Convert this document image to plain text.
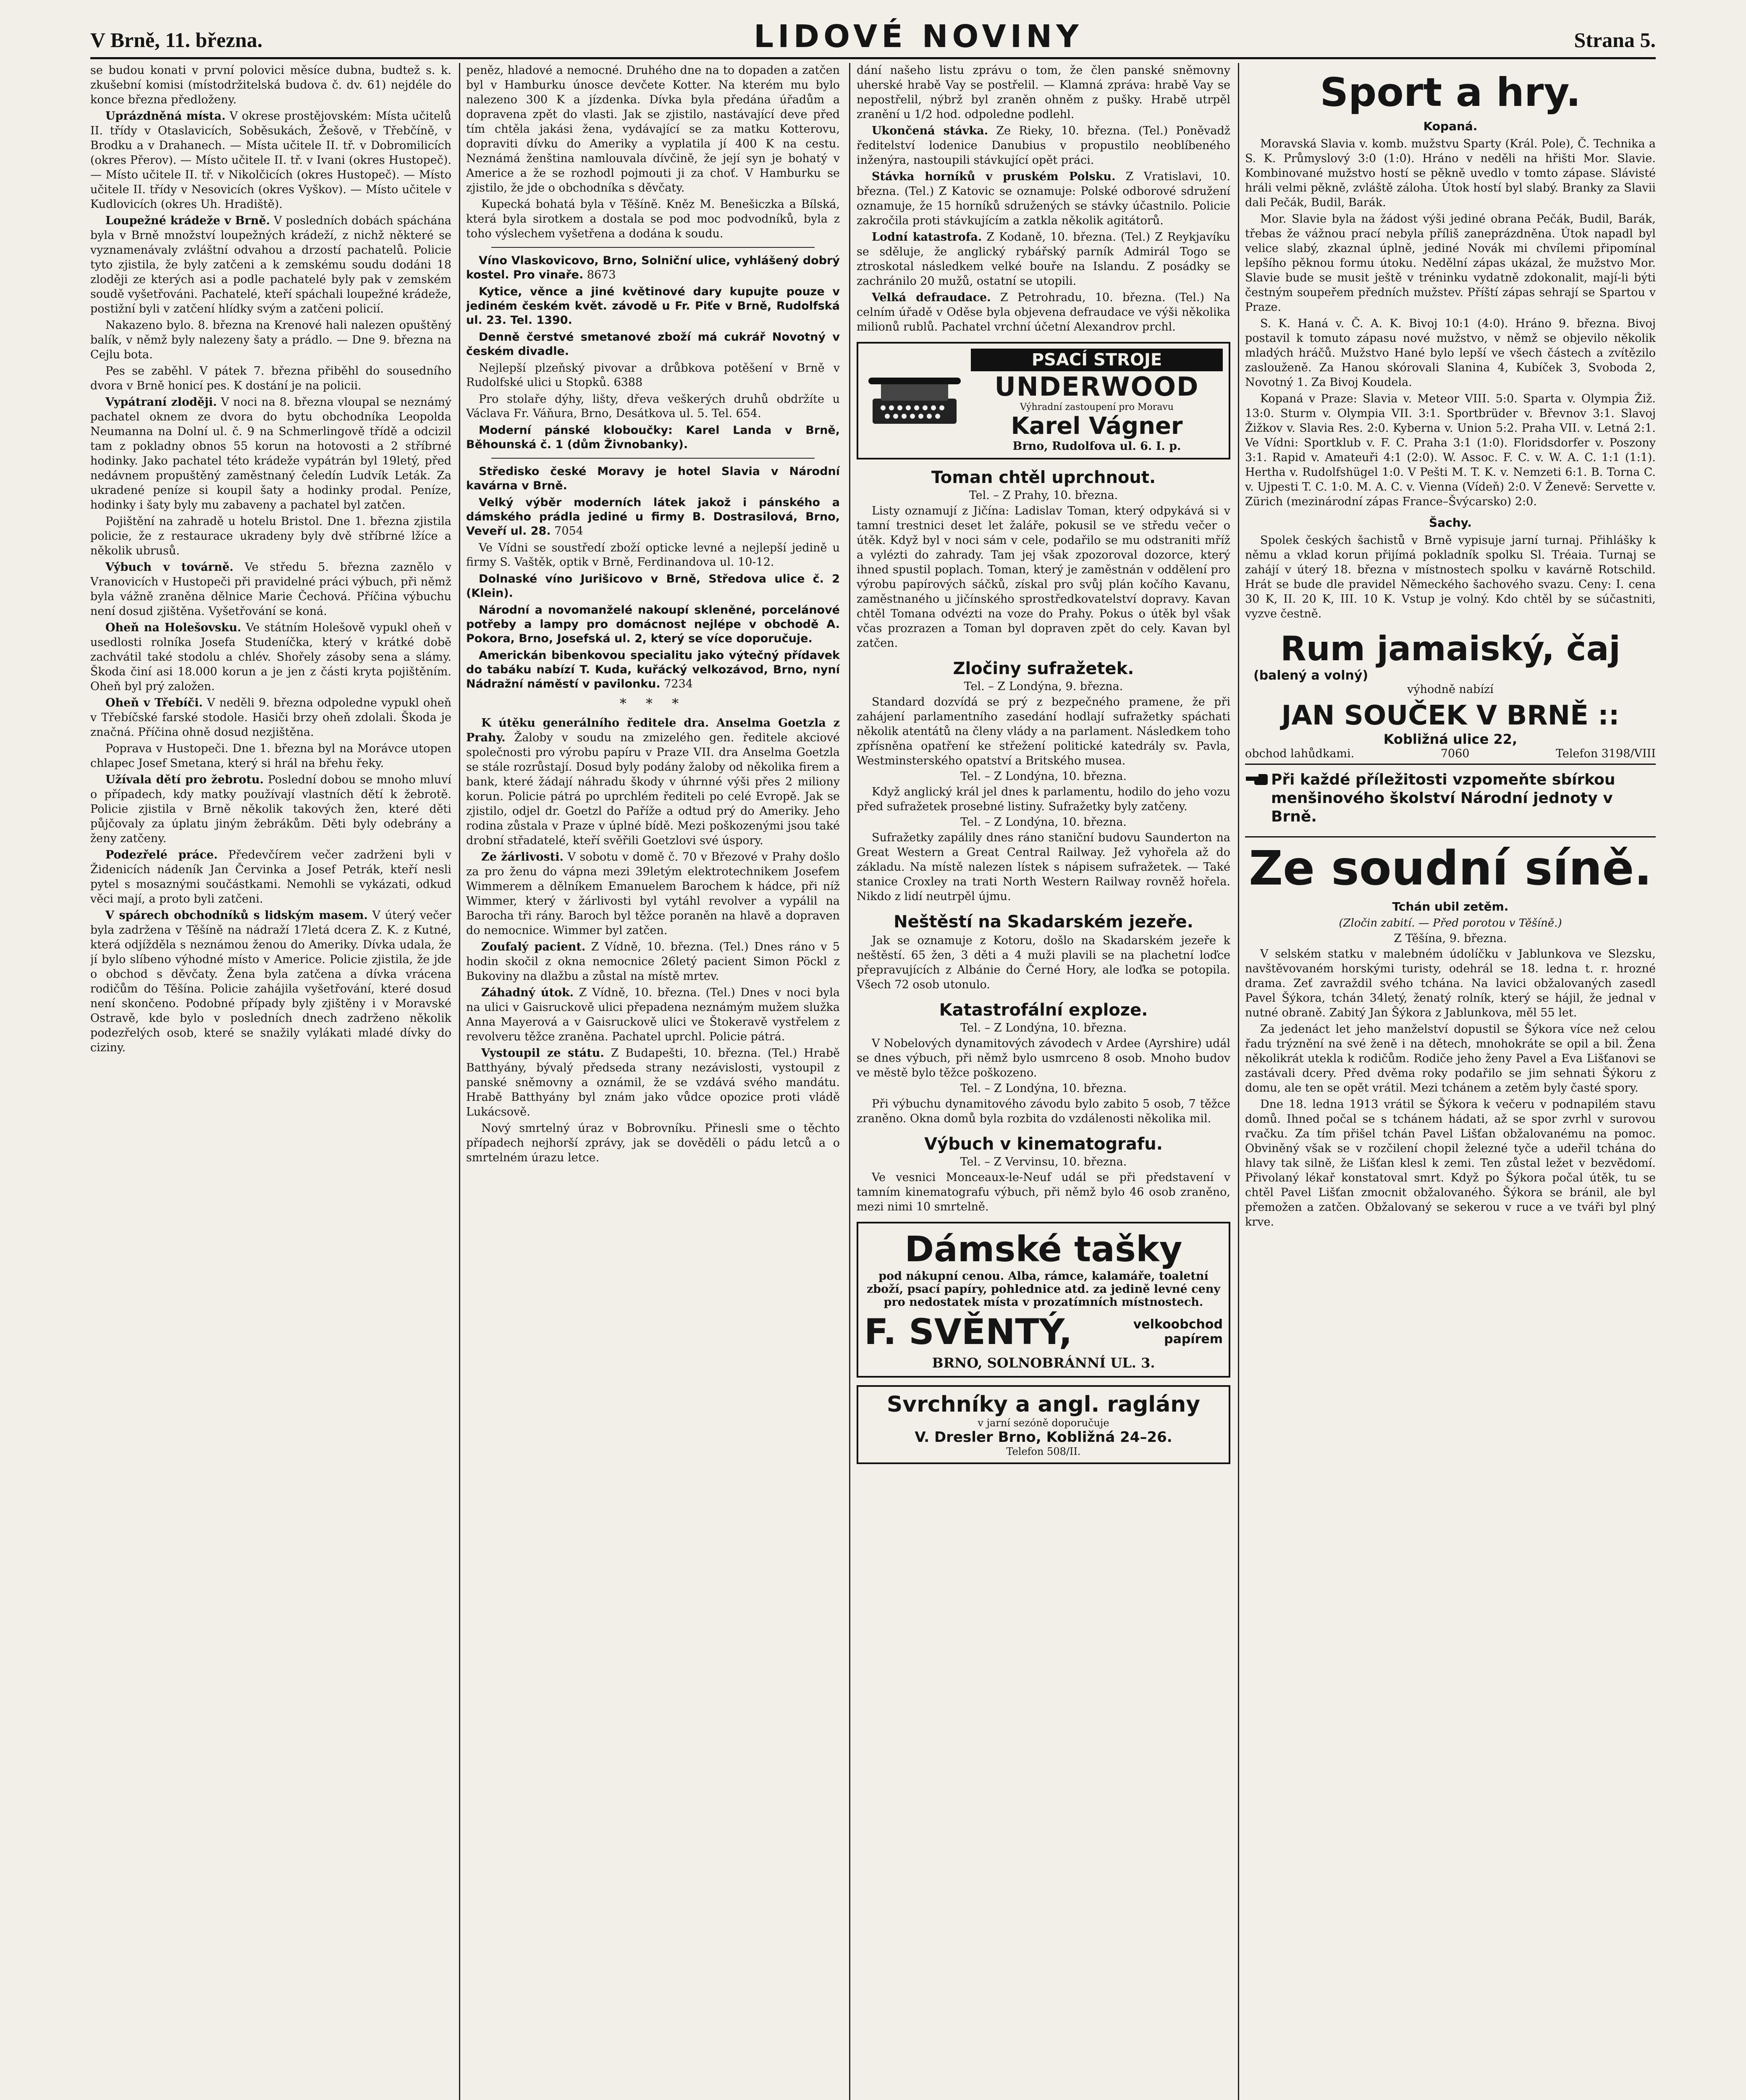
V Brně, 11. března.	LIDOVÉ NOVINY	Strana 5.

se budou konati v první polovici měsíce dubna, budtež s. k. zkušební komisi (místodržitelská budova č. dv. 61) nejdéle do konce března předloženy.

Uprázdněná místa. V okrese prostějovském: Místa učitelů II. třídy v Otaslavicích, Soběsukách, Žešově, v Třebčíně, v Brodku a v Drahanech. — Místa učitele II. tř. v Dobromilicích (okres Přerov). — Místo učitele II. tř. v Ivani (okres Hustopeč). — Místo učitele II. tř. v Nikolčicích (okres Hustopeč). — Místo učitele II. třídy v Nesovicích (okres Vyškov). — Místo učitele v Kudlovicích (okres Uh. Hradiště).

Loupežné krádeže v Brně. V posledních dobách spáchána byla v Brně množství loupežných krádeží, z nichž některé se vyznamenávaly zvláštní odvahou a drzostí pachatelů. Policie tyto zjistila, že byly zatčeni a k zemskému soudu dodáni 18 zloději ze kterých asi a podle pachatelé byly pak v zemském soudě vyšetřováni. Pachatelé, kteří spáchali loupežné krádeže, postižní byli v zatčení hlídky svým a zatčeni policií.

Nakazeno bylo. 8. března na Krenové hali nalezen opuštěný balík, v němž byly nalezeny šaty a prádlo. — Dne 9. března na Cejlu bota.

Pes se zaběhl. V pátek 7. března přiběhl do sousedního dvora v Brně honicí pes. K dostání je na policii.

Vypátraní zloději. V noci na 8. března vloupal se neznámý pachatel oknem ze dvora do bytu obchodníka Leopolda Neumanna na Dolní ul. č. 9 na Schmerlingově třídě a odcizil tam z pokladny obnos 55 korun na hotovosti a 2 stříbrné hodinky. Jako pachatel této krádeže vypátrán byl 19letý, před nedávnem propuštěný zaměstnaný čeledín Ludvík Leták. Za ukradené peníze si koupil šaty a hodinky prodal. Peníze, hodinky i šaty byly mu zabaveny a pachatel byl zatčen.

Pojištění na zahradě u hotelu Bristol. Dne 1. března zjistila policie, že z restaurace ukradeny byly dvě stříbrné lžíce a několik ubrusů.

Výbuch v továrně. Ve středu 5. března zaznělo v Vranovicích v Hustopeči při pravidelné práci výbuch, při němž byla vážně zraněna dělnice Marie Čechová. Příčina výbuchu není dosud zjištěna. Vyšetřování se koná.

Oheň na Holešovsku. Ve státním Holešově vypukl oheň v usedlosti rolníka Josefa Studeníčka, který v krátké době zachvátil také stodolu a chlév. Shořely zásoby sena a slámy. Škoda činí asi 18.000 korun a je jen z části kryta pojištěním. Oheň byl prý založen.

Oheň v Třebíči. V neděli 9. března odpoledne vypukl oheň v Třebíčské farské stodole. Hasiči brzy oheň zdolali. Škoda je značná. Příčina ohně dosud nezjištěna.

Poprava v Hustopeči. Dne 1. března byl na Morávce utopen chlapec Josef Smetana, který si hrál na břehu řeky.

Užívala dětí pro žebrotu. Poslední dobou se mnoho mluví o případech, kdy matky používají vlastních dětí k žebrotě. Policie zjistila v Brně několik takových žen, které děti půjčovaly za úplatu jiným žebrákům. Děti byly odebrány a ženy zatčeny.

Podezřelé práce. Předevčírem večer zadrženi byli v Židenicích nádeník Jan Červinka a Josef Petrák, kteří nesli pytel s mosaznými součástkami. Nemohli se vykázati, odkud věci mají, a proto byli zatčeni.

V spárech obchodníků s lidským masem. V úterý večer byla zadržena v Těšíně na nádraží 17letá dcera Z. K. z Kutné, která odjížděla s neznámou ženou do Ameriky. Dívka udala, že jí bylo slíbeno výhodné místo v Americe. Policie zjistila, že jde o obchod s děvčaty. Žena byla zatčena a dívka vrácena rodičům do Těšína. Policie zahájila vyšetřování, které dosud není skončeno. Podobné případy byly zjištěny i v Moravské Ostravě, kde bylo v posledních dnech zadrženo několik podezřelých osob, které se snažily vylákati mladé dívky do ciziny.

peněz, hladové a nemocné. Druhého dne na to dopaden a zatčen byl v Hamburku únosce devčete Kotter. Na kterém mu bylo nalezeno 300 K a jízdenka. Dívka byla předána úřadům a dopravena zpět do vlasti. Jak se zjistilo, nastávající deve před tím chtěla jakási žena, vydávající se za matku Kotterovu, dopraviti dívku do Ameriky a vyplatila jí 400 K na cestu. Neznámá ženština namlouvala dívčině, že její syn je bohatý v Americe a že se rozhodl pojmouti ji za choť. V Hamburku se zjistilo, že jde o obchodníka s děvčaty.

Kupecká bohatá byla v Těšíně. Kněz M. Benešiczka a Bílská, která byla sirotkem a dostala se pod moc podvodníků, byla z toho výslechem vyšetřena a dodána k soudu.

Víno Vlaskovicovo, Brno, Solniční ulice, vyhlášený dobrý kostel. Pro vinaře. 8673

Kytice, věnce a jiné květinové dary kupujte pouze v jediném českém květ. závodě u Fr. Piťe v Brně, Rudolfská ul. 23. Tel. 1390.

Denně čerstvé smetanové zboží má cukrář Novotný v českém divadle.

Nejlepší plzeňský pivovar a drůbkova potěšení v Brně v Rudolfské ulici u Stopků. 6388

Pro stolaře dýhy, lišty, dřeva veškerých druhů obdržíte u Václava Fr. Váňura, Brno, Desátkova ul. 5. Tel. 654.

Moderní pánské kloboučky: Karel Landa v Brně, Běhounská č. 1 (dům Živnobanky).

Středisko české Moravy je hotel Slavia v Národní kavárna v Brně.

Velký výběr moderních látek jakož i pánského a dámského prádla jediné u firmy B. Dostrasilová, Brno, Veveří ul. 28. 7054

Ve Vídni se soustředí zboží opticke levné a nejlepší jedině u firmy S. Vaštěk, optik v Brně, Ferdinandova ul. 10-12.

Dolnaské víno Jurišicovo v Brně, Středova ulice č. 2 (Klein).

Národní a novomanželé nakoupí skleněné, porcelánové potřeby a lampy pro domácnost nejlépe v obchodě A. Pokora, Brno, Josefská ul. 2, který se více doporučuje.

Americkán bibenkovou specialitu jako výtečný přídavek do tabáku nabízí T. Kuda, kuřácký velkozávod, Brno, nyní Nádražní náměstí v pavilonku. 7234

* * *

K útěku generálního ředitele dra. Anselma Goetzla z Prahy. Žaloby v soudu na zmizelého gen. ředitele akciové společnosti pro výrobu papíru v Praze VII. dra Anselma Goetzla se stále rozrůstají. Dosud byly podány žaloby od několika firem a bank, které žádají náhradu škody v úhrnné výši přes 2 miliony korun. Policie pátrá po uprchlém řediteli po celé Evropě. Jak se zjistilo, odjel dr. Goetzl do Paříže a odtud prý do Ameriky. Jeho rodina zůstala v Praze v úplné bídě. Mezi poškozenými jsou také drobní střadatelé, kteří svěřili Goetzlovi své úspory.

Ze žárlivosti. V sobotu v domě č. 70 v Březové v Prahy došlo za pro ženu do vápna mezi 39letým elektrotechnikem Josefem Wimmerem a dělníkem Emanuelem Barochem k hádce, při níž Wimmer, který v žárlivosti byl vytáhl revolver a vypálil na Barocha tři rány. Baroch byl těžce poraněn na hlavě a dopraven do nemocnice. Wimmer byl zatčen.

Zoufalý pacient. Z Vídně, 10. března. (Tel.) Dnes ráno v 5 hodin skočil z okna nemocnice 26letý pacient Simon Pöckl z Bukoviny na dlažbu a zůstal na místě mrtev.

Záhadný útok. Z Vídně, 10. března. (Tel.) Dnes v noci byla na ulici v Gaisruckově ulici přepadena neznámým mužem služka Anna Mayerová a v Gaisruckově ulici ve Štokeravě vystřelem z revolveru těžce zraněna. Pachatel uprchl. Policie pátrá.

Vystoupil ze státu. Z Budapešti, 10. března. (Tel.) Hrabě Batthyány, bývalý předseda strany nezávislosti, vystoupil z panské sněmovny a oznámil, že se vzdává svého mandátu. Hrabě Batthyány byl znám jako vůdce opozice proti vládě Lukácsově.

Nový smrtelný úraz v Bobrovníku. Přinesli sme o těchto případech nejhorší zprávy, jak se dověděli o pádu letců a o smrtelném úrazu letce.

dání našeho listu zprávu o tom, že člen panské sněmovny uherské hrabě Vay se postřelil. — Klamná zpráva: hrabě Vay se nepostřelil, nýbrž byl zraněn ohněm z pušky. Hrabě utrpěl zranění u 1/2 hod. odpoledne podlehl.

Ukončená stávka. Ze Rieky, 10. března. (Tel.) Poněvadž ředitelství lodenice Danubius v propustilo neoblíbeného inženýra, nastoupili stávkující opět práci.

Stávka horníků v pruském Polsku. Z Vratislavi, 10. března. (Tel.) Z Katovic se oznamuje: Polské odborové sdružení oznamuje, že 15 horníků sdružených se stávky účastnilo. Policie zakročila proti stávkujícím a zatkla několik agitátorů.

Lodní katastrofa. Z Kodaně, 10. března. (Tel.) Z Reykjavíku se sděluje, že anglický rybářský parník Admirál Togo se ztroskotal následkem velké bouře na Islandu. Z posádky se zachránilo 20 mužů, ostatní se utopili.

Velká defraudace. Z Petrohradu, 10. března. (Tel.) Na celním úřadě v Oděse byla objevena defraudace ve výši několika milionů rublů. Pachatel vrchní účetní Alexandrov prchl.

PSACÍ STROJE
UNDERWOOD
Výhradní zastoupení pro Moravu
Karel Vágner
Brno, Rudolfova ul. 6. I. p.
Toman chtěl uprchnout.
Tel. – Z Prahy, 10. března.

Listy oznamují z Jičína: Ladislav Toman, který odpykává si v tamní trestnici deset let žaláře, pokusil se ve středu večer o útěk. Když byl v noci sám v cele, podařilo se mu odstraniti mříž a vylézti do zahrady. Tam jej však zpozoroval dozorce, který ihned spustil poplach. Toman, který je zaměstnán v oddělení pro výrobu papírových sáčků, získal pro svůj plán kočího Kavanu, zaměstnaného u jičínského sprostředkovatelství dopravy. Kavan chtěl Tomana odvézti na voze do Prahy. Pokus o útěk byl však včas prozrazen a Toman byl dopraven zpět do cely. Kavan byl zatčen.

Zločiny sufražetek.
Tel. – Z Londýna, 9. března.

Standard dozvídá se prý z bezpečného pramene, že při zahájení parlamentního zasedání hodlají sufražetky spáchati několik atentátů na členy vlády a na parlament. Následkem toho zpřísněna opatření ke střežení politické katedrály sv. Pavla, Westminsterského opatství a Britského musea.

Tel. – Z Londýna, 10. března.

Když anglický král jel dnes k parlamentu, hodilo do jeho vozu před sufražetek prosebné listiny. Sufražetky byly zatčeny.

Tel. – Z Londýna, 10. března.

Sufražetky zapálily dnes ráno staniční budovu Saunderton na Great Western a Great Central Railway. Jež vyhořela až do základu. Na místě nalezen lístek s nápisem sufražetek. — Také stanice Croxley na trati North Western Railway rovněž hořela. Nikdo z lidí neutrpěl újmu.

Neštěstí na Skadarském jezeře.

Jak se oznamuje z Kotoru, došlo na Skadarském jezeře k neštěstí. 65 žen, 3 děti a 4 muži plavili se na plachetní loďce přepravujících z Albánie do Černé Hory, ale loďka se potopila. Všech 72 osob utonulo.

Katastrofální exploze.
Tel. – Z Londýna, 10. března.

V Nobelových dynamitových závodech v Ardee (Ayrshire) udál se dnes výbuch, při němž bylo usmrceno 8 osob. Mnoho budov ve městě bylo těžce poškozeno.

Tel. – Z Londýna, 10. března.

Při výbuchu dynamitového závodu bylo zabito 5 osob, 7 těžce zraněno. Okna domů byla rozbita do vzdálenosti několika mil.

Výbuch v kinematografu.
Tel. – Z Vervinsu, 10. března.

Ve vesnici Monceaux-le-Neuf udál se při představení v tamním kinematografu výbuch, při němž bylo 46 osob zraněno, mezi nimi 10 smrtelně.

Dámské tašky
pod nákupní cenou. Alba, rámce, kalamáře, toaletní zboží, psací papíry, pohlednice atd. za jedině levné ceny pro nedostatek místa v prozatímních místnostech.
F. SVĚNTÝ,	velkoobchod
papírem
BRNO, SOLNOBRÁNNÍ UL. 3.
Svrchníky a angl. raglány
v jarní sezóně doporučuje
V. Dresler Brno, Kobližná 24–26.
Telefon 508/II.
Sport a hry.
Kopaná.

Moravská Slavia v. komb. mužstvu Sparty (Král. Pole), Č. Technika a S. K. Průmyslový 3:0 (1:0). Hráno v neděli na hřišti Mor. Slavie. Kombinované mužstvo hostí se pěkně uvedlo v tomto zápase. Slávisté hráli velmi pěkně, zvláště záloha. Útok hostí byl slabý. Branky za Slavii dali Pečák, Budil, Barák.

Mor. Slavie byla na žádost výši jediné obrana Pečák, Budil, Barák, třebas že vážnou prací nebyla příliš zaneprázdněna. Útok napadl byl velice slabý, zkaznal úplně, jediné Novák mi chvílemi připomínal lepšího pěknou formu útoku. Nedělní zápas ukázal, že mužstvo Mor. Slavie bude se musit ještě v tréninku vydatně zdokonalit, mají-li býti čestným soupeřem předních mužstev. Příští zápas sehrají se Spartou v Praze.

S. K. Haná v. Č. A. K. Bivoj 10:1 (4:0). Hráno 9. března. Bivoj postavil k tomuto zápasu nové mužstvo, v němž se objevilo několik mladých hráčů. Mužstvo Hané bylo lepší ve všech částech a zvítězilo zaslouženě. Za Hanou skórovali Slanina 4, Kubíček 3, Svoboda 2, Novotný 1. Za Bivoj Koudela.

Kopaná v Praze: Slavia v. Meteor VIII. 5:0. Sparta v. Olympia Žiž. 13:0. Sturm v. Olympia VII. 3:1. Sportbrüder v. Břevnov 3:1. Slavoj Žižkov v. Slavia Res. 2:0. Kyberna v. Union 5:2. Praha VII. v. Letná 2:1. Ve Vídni: Sportklub v. F. C. Praha 3:1 (1:0). Floridsdorfer v. Poszony 3:1. Rapid v. Amateuři 4:1 (2:0). W. Assoc. F. C. v. W. A. C. 1:1 (1:1). Hertha v. Rudolfshügel 1:0. V Pešti M. T. K. v. Nemzeti 6:1. B. Torna C. v. Ujpesti T. C. 1:0. M. A. C. v. Vienna (Vídeň) 2:0. V Ženevě: Servette v. Zürich (mezinárodní zápas France–Švýcarsko) 2:0.

Šachy.

Spolek českých šachistů v Brně vypisuje jarní turnaj. Přihlášky k němu a vklad korun přijímá pokladník spolku Sl. Tréaia. Turnaj se zahájí v úterý 18. března v místnostech spolku v kavárně Rotschild. Hrát se bude dle pravidel Německého šachového svazu. Ceny: I. cena 30 K, II. 20 K, III. 10 K. Vstup je volný. Kdo chtěl by se súčastniti, vyzve čestně.

Rum jamaiský, čaj
(balený a volný)
výhodně nabízí
JAN SOUČEK V BRNĚ ::
Kobližná ulice 22,
obchod lahůdkami.	7060	Telefon 3198/VIII
Při každé příležitosti vzpomeňte sbírkou menšinového školství Národní jednoty v Brně.
Ze soudní síně.
Tchán ubil zetěm.
(Zločin zabití. — Před porotou v Těšíně.)
Z Těšína, 9. března.

V selském statku v malebném údolíčku v Jablunkova ve Slezsku, navštěvovaném horskými turisty, odehrál se 18. ledna t. r. hrozné drama. Zeť zavraždil svého tchána. Na lavici obžalovaných zasedl Pavel Šýkora, tchán 34letý, ženatý rolník, který se hájil, že jednal v nutné obraně. Zabitý Jan Šýkora z Jablunkova, měl 55 let.

Za jedenáct let jeho manželství dopustil se Šýkora více než celou řadu trýznění na své ženě i na dětech, mnohokráte se opil a bil. Žena několikrát utekla k rodičům. Rodiče jeho ženy Pavel a Eva Lišťanovi se zastávali dcery. Před dvěma roky podařilo se jim sehnati Šýkoru z domu, ale ten se opět vrátil. Mezi tchánem a zetěm byly časté spory.

Dne 18. ledna 1913 vrátil se Šýkora k večeru v podnapilém stavu domů. Ihned počal se s tchánem hádati, až se spor zvrhl v surovou rvačku. Za tím přišel tchán Pavel Lišťan obžalovanému na pomoc. Obviněný však se v rozčilení chopil železné tyče a udeřil tchána do hlavy tak silně, že Lišťan klesl k zemi. Ten zůstal ležet v bezvědomí. Přivolaný lékař konstatoval smrt. Když po Šýkora počal útěk, tu se chtěl Pavel Lišťan zmocnit obžalovaného. Šýkora se bránil, ale byl přemožen a zatčen. Obžalovaný se sekerou v ruce a ve tváři byl plný krve.
